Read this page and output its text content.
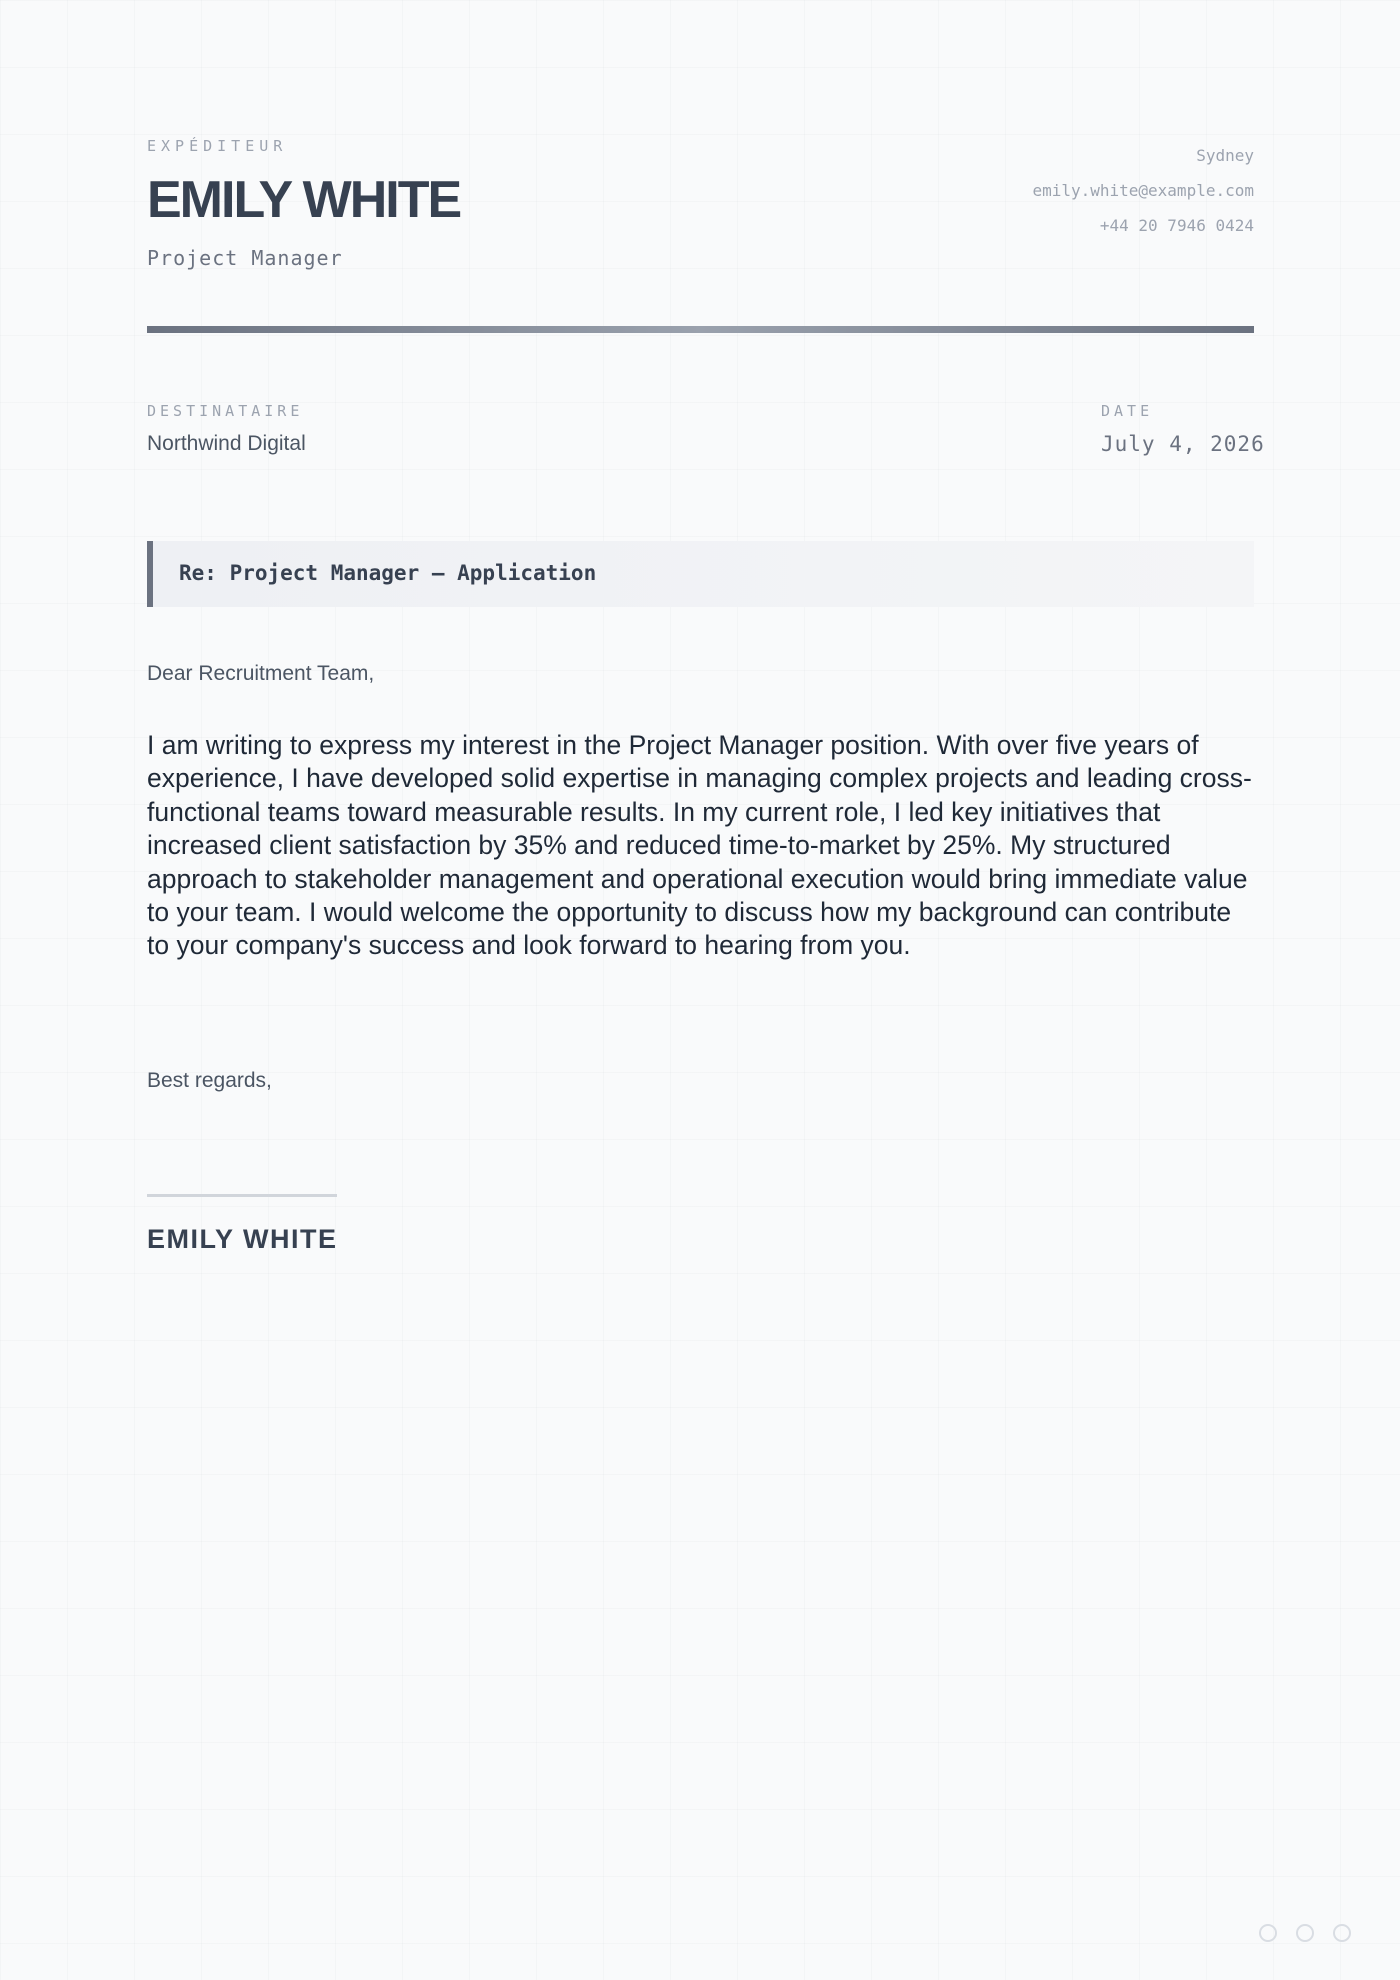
EXPÉDITEUR
EMILY WHITE
Project Manager
Sydney
emily.white@example.com
+44 20 7946 0424
DESTINATAIRE
Northwind Digital
DATE
July 4, 2026
Re: Project Manager — Application
Dear Recruitment Team,
I am writing to express my interest in the Project Manager position. With over five years of experience, I have developed solid expertise in managing complex projects and leading cross-functional teams toward measurable results. In my current role, I led key initiatives that increased client satisfaction by 35% and reduced time-to-market by 25%. My structured approach to stakeholder management and operational execution would bring immediate value to your team. I would welcome the opportunity to discuss how my background can contribute to your company's success and look forward to hearing from you.
Best regards,
EMILY WHITE
